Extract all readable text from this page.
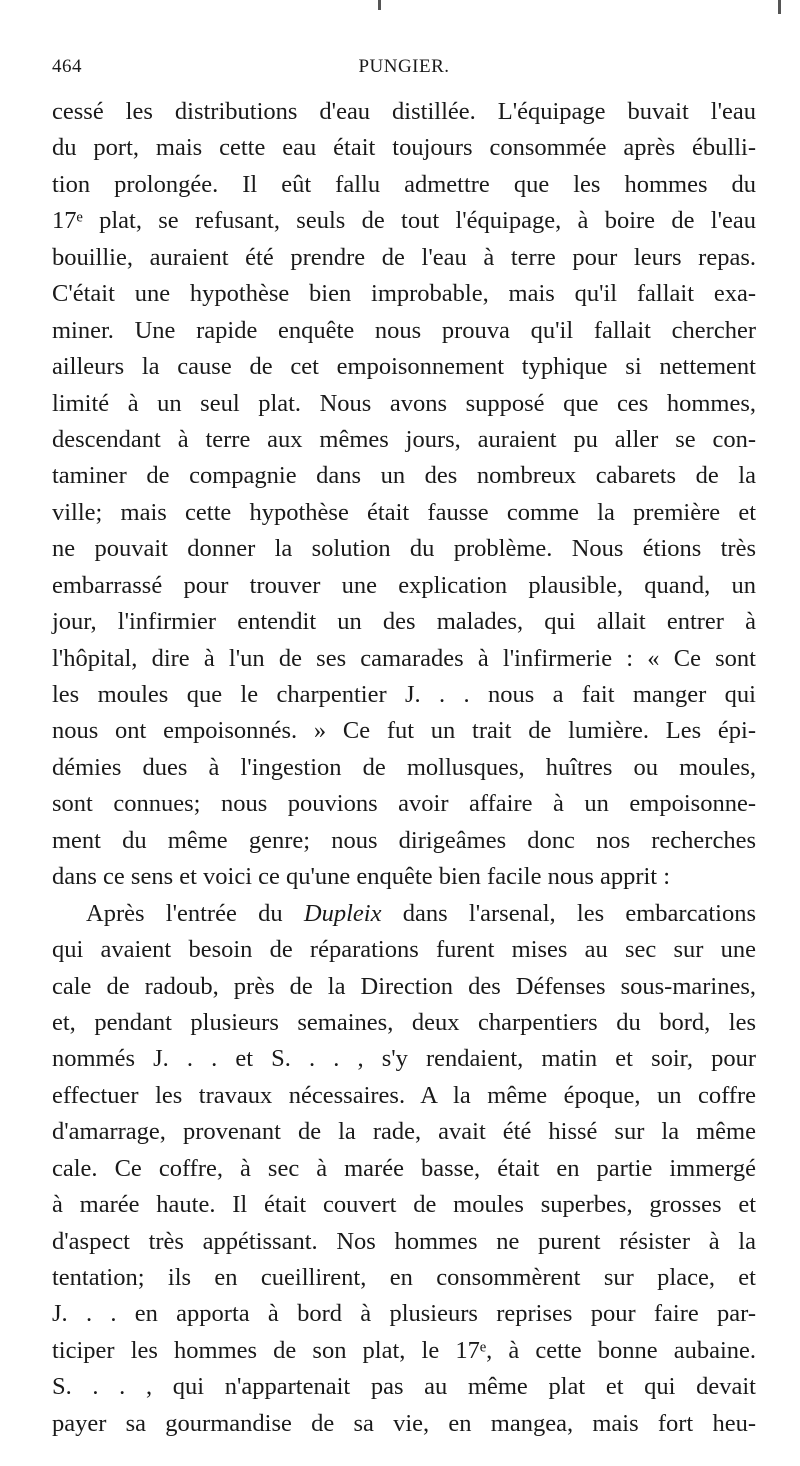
464	PUNGIER.
cessé les distributions d'eau distillée. L'équipage buvait l'eau
du port, mais cette eau était toujours consommée après ébulli-
tion prolongée. Il eût fallu admettre que les hommes du
17ᵉ plat, se refusant, seuls de tout l'équipage, à boire de l'eau
bouillie, auraient été prendre de l'eau à terre pour leurs repas.
C'était une hypothèse bien improbable, mais qu'il fallait exa-
miner. Une rapide enquête nous prouva qu'il fallait chercher
ailleurs la cause de cet empoisonnement typhique si nettement
limité à un seul plat. Nous avons supposé que ces hommes,
descendant à terre aux mêmes jours, auraient pu aller se con-
taminer de compagnie dans un des nombreux cabarets de la
ville; mais cette hypothèse était fausse comme la première et
ne pouvait donner la solution du problème. Nous étions très
embarrassé pour trouver une explication plausible, quand, un
jour, l'infirmier entendit un des malades, qui allait entrer à
l'hôpital, dire à l'un de ses camarades à l'infirmerie : « Ce sont
les moules que le charpentier J. . . nous a fait manger qui
nous ont empoisonnés. » Ce fut un trait de lumière. Les épi-
démies dues à l'ingestion de mollusques, huîtres ou moules,
sont connues; nous pouvions avoir affaire à un empoisonne-
ment du même genre; nous dirigeâmes donc nos recherches
dans ce sens et voici ce qu'une enquête bien facile nous apprit :
Après l'entrée du Dupleix dans l'arsenal, les embarcations
qui avaient besoin de réparations furent mises au sec sur une
cale de radoub, près de la Direction des Défenses sous-marines,
et, pendant plusieurs semaines, deux charpentiers du bord, les
nommés J. . . et S. . . , s'y rendaient, matin et soir, pour
effectuer les travaux nécessaires. A la même époque, un coffre
d'amarrage, provenant de la rade, avait été hissé sur la même
cale. Ce coffre, à sec à marée basse, était en partie immergé
à marée haute. Il était couvert de moules superbes, grosses et
d'aspect très appétissant. Nos hommes ne purent résister à la
tentation; ils en cueillirent, en consommèrent sur place, et
J. . . en apporta à bord à plusieurs reprises pour faire par-
ticiper les hommes de son plat, le 17ᵉ, à cette bonne aubaine.
S. . . , qui n'appartenait pas au même plat et qui devait
payer sa gourmandise de sa vie, en mangea, mais fort heu-
